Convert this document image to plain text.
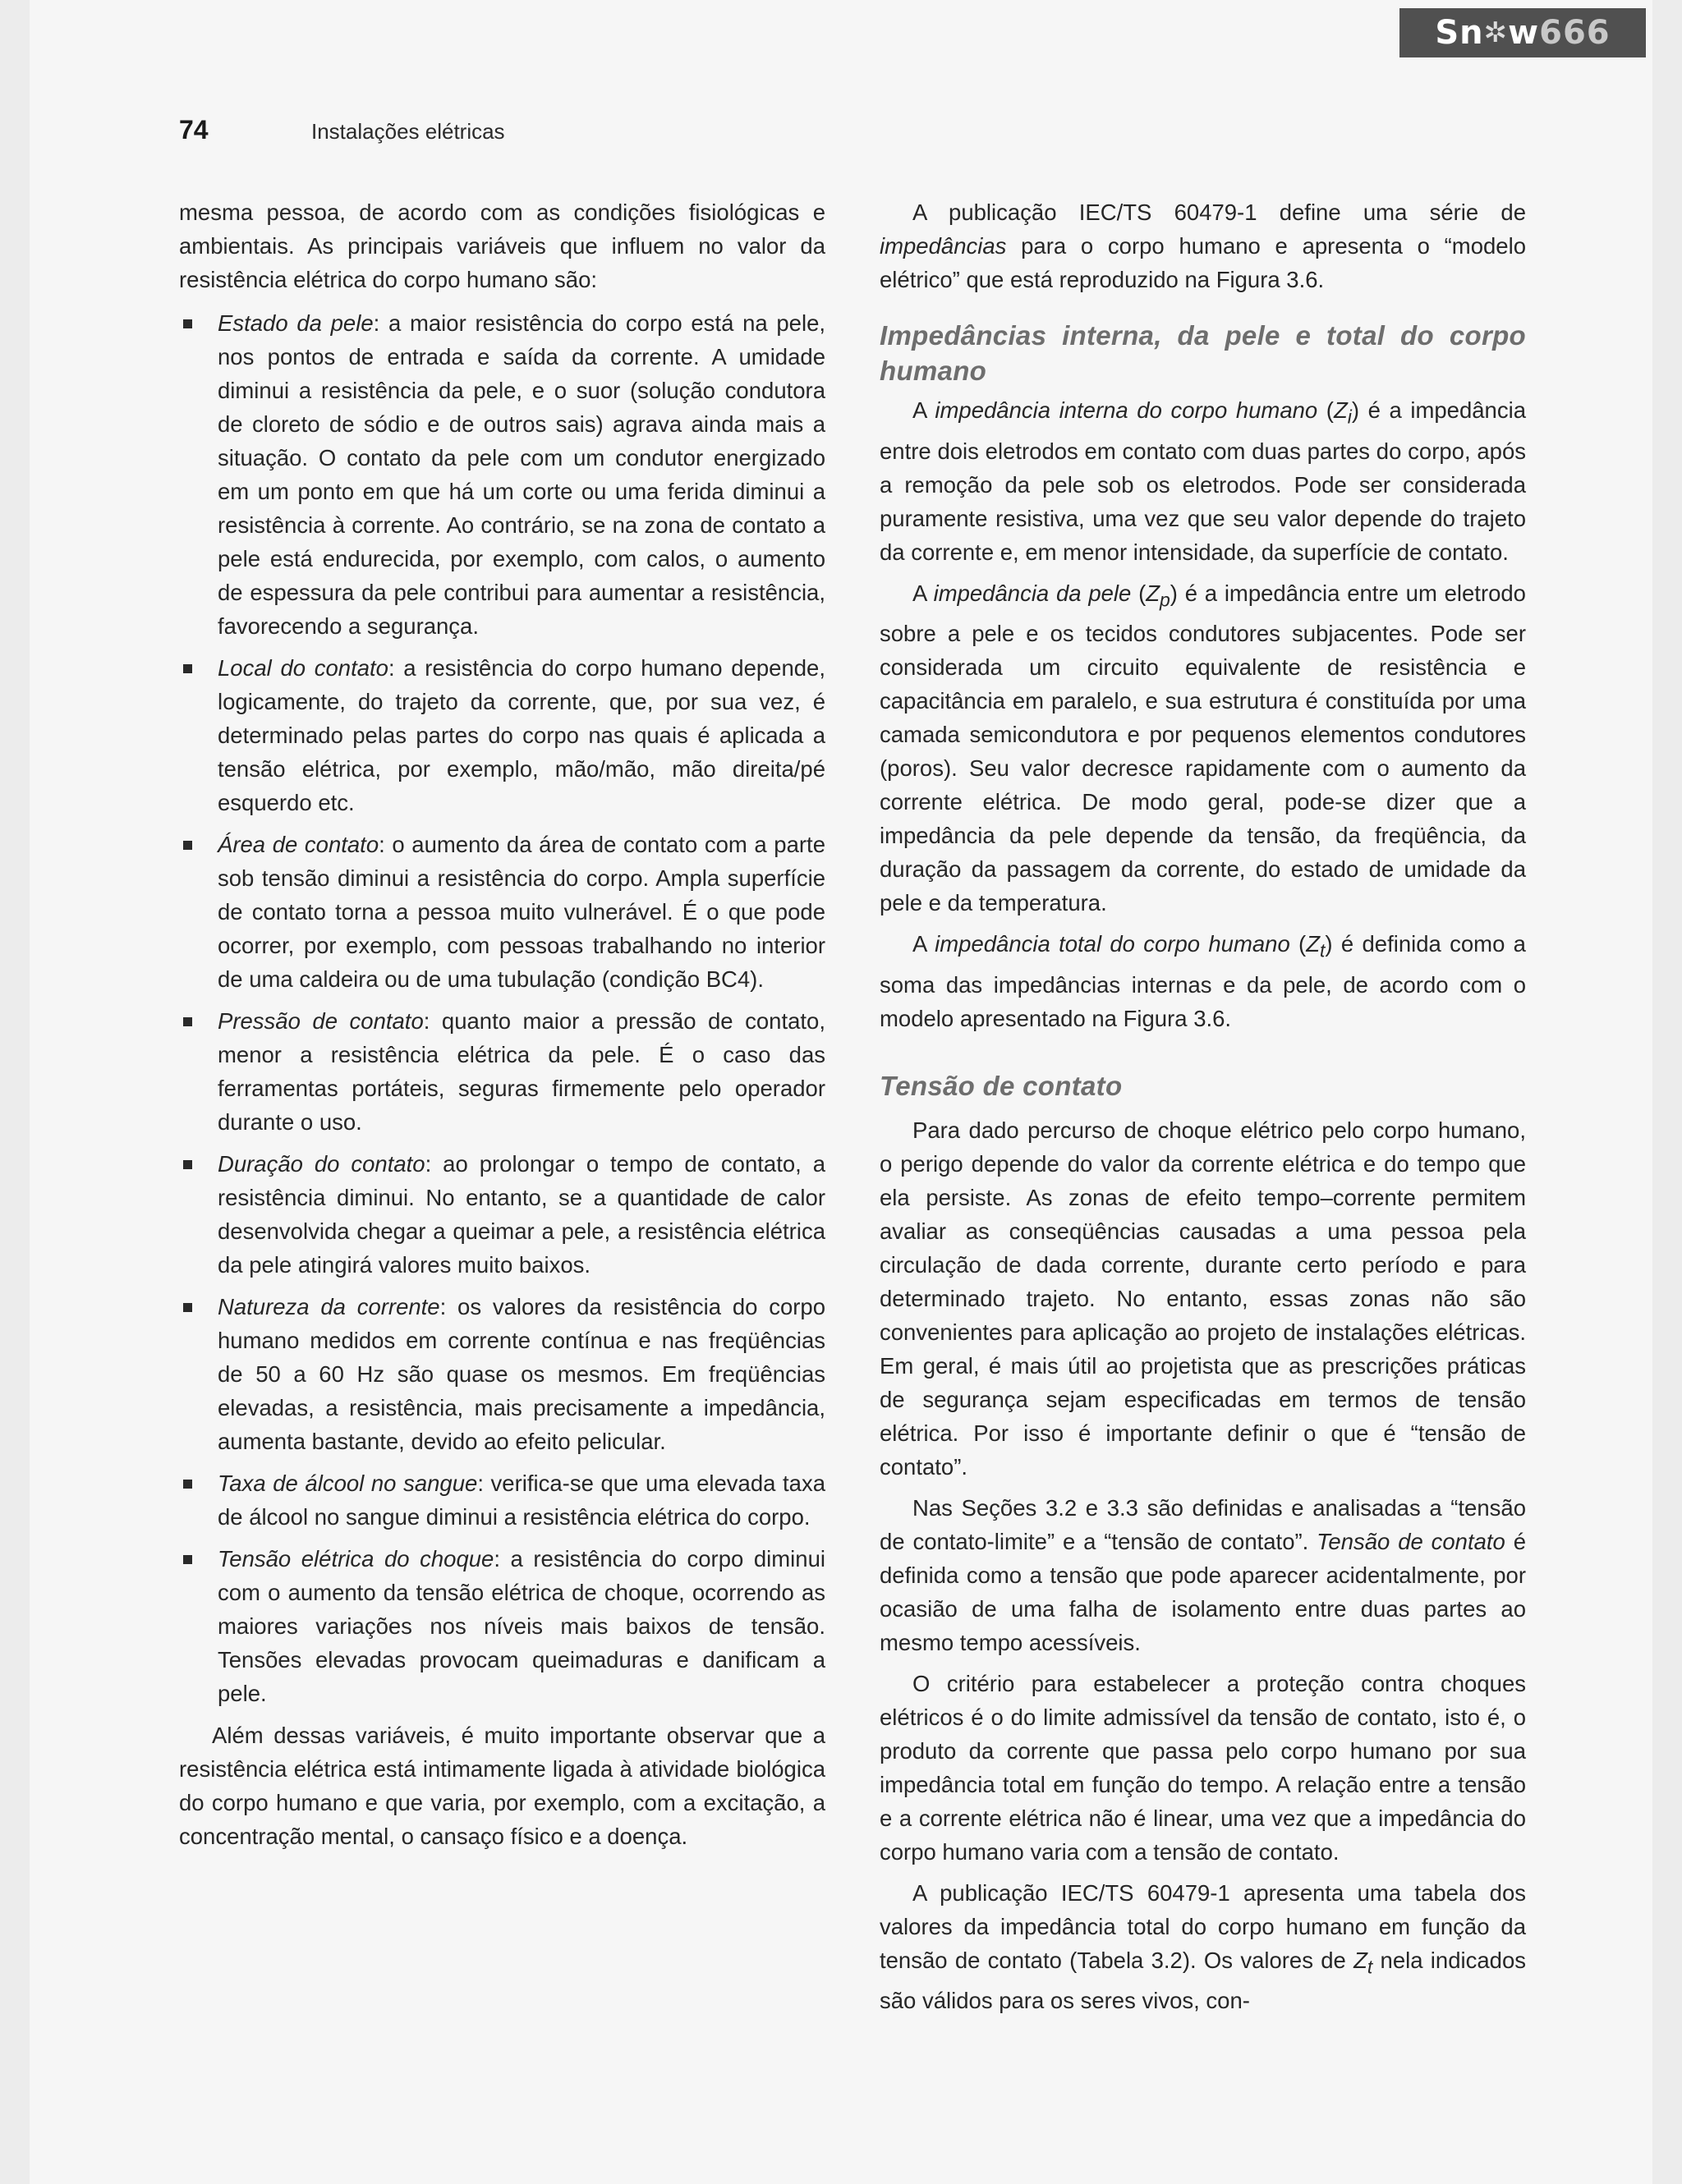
Sn ✲ w 666
74	Instalações elétricas

mesma pessoa, de acordo com as condições fisiológicas e ambientais. As principais variáveis que influem no valor da resistência elétrica do corpo humano são:

Estado da pele: a maior resistência do corpo está na pele, nos pontos de entrada e saída da corrente. A umidade diminui a resistência da pele, e o suor (solução condutora de cloreto de sódio e de outros sais) agrava ainda mais a situação. O contato da pele com um condutor energizado em um ponto em que há um corte ou uma ferida diminui a resistência à corrente. Ao contrário, se na zona de contato a pele está endurecida, por exemplo, com calos, o aumento de espessura da pele contribui para aumentar a resistência, favorecendo a segurança.
Local do contato: a resistência do corpo humano depende, logicamente, do trajeto da corrente, que, por sua vez, é determinado pelas partes do corpo nas quais é aplicada a tensão elétrica, por exemplo, mão/mão, mão direita/pé esquerdo etc.
Área de contato: o aumento da área de contato com a parte sob tensão diminui a resistência do corpo. Ampla superfície de contato torna a pessoa muito vulnerável. É o que pode ocorrer, por exemplo, com pessoas trabalhando no interior de uma caldeira ou de uma tubulação (condição BC4).
Pressão de contato: quanto maior a pressão de contato, menor a resistência elétrica da pele. É o caso das ferramentas portáteis, seguras firmemente pelo operador durante o uso.
Duração do contato: ao prolongar o tempo de contato, a resistência diminui. No entanto, se a quantidade de calor desenvolvida chegar a queimar a pele, a resistência elétrica da pele atingirá valores muito baixos.
Natureza da corrente: os valores da resistência do corpo humano medidos em corrente contínua e nas freqüências de 50 a 60 Hz são quase os mesmos. Em freqüências elevadas, a resistência, mais precisamente a impedância, aumenta bastante, devido ao efeito pelicular.
Taxa de álcool no sangue: verifica-se que uma elevada taxa de álcool no sangue diminui a resistência elétrica do corpo.
Tensão elétrica do choque: a resistência do corpo diminui com o aumento da tensão elétrica de choque, ocorrendo as maiores variações nos níveis mais baixos de tensão. Tensões elevadas provocam queimaduras e danificam a pele.

Além dessas variáveis, é muito importante observar que a resistência elétrica está intimamente ligada à atividade biológica do corpo humano e que varia, por exemplo, com a excitação, a concentração mental, o cansaço físico e a doença.

A publicação IEC/TS 60479-1 define uma série de impedâncias para o corpo humano e apresenta o “modelo elétrico” que está reproduzido na Figura 3.6.

Impedâncias interna, da pele e total do corpo humano

A impedância interna do corpo humano $(Z_i)$ é a impedância entre dois eletrodos em contato com duas partes do corpo, após a remoção da pele sob os eletrodos. Pode ser considerada puramente resistiva, uma vez que seu valor depende do trajeto da corrente e, em menor intensidade, da superfície de contato.

A impedância da pele $(Z_p)$ é a impedância entre um eletrodo sobre a pele e os tecidos condutores subjacentes. Pode ser considerada um circuito equivalente de resistência e capacitância em paralelo, e sua estrutura é constituída por uma camada semicondutora e por pequenos elementos condutores (poros). Seu valor decresce rapidamente com o aumento da corrente elétrica. De modo geral, pode-se dizer que a impedância da pele depende da tensão, da freqüência, da duração da passagem da corrente, do estado de umidade da pele e da temperatura.

A impedância total do corpo humano $(Z_t)$ é definida como a soma das impedâncias internas e da pele, de acordo com o modelo apresentado na Figura 3.6.

Tensão de contato

Para dado percurso de choque elétrico pelo corpo humano, o perigo depende do valor da corrente elétrica e do tempo que ela persiste. As zonas de efeito tempo–corrente permitem avaliar as conseqüências causadas a uma pessoa pela circulação de dada corrente, durante certo período e para determinado trajeto. No entanto, essas zonas não são convenientes para aplicação ao projeto de instalações elétricas. Em geral, é mais útil ao projetista que as prescrições práticas de segurança sejam especificadas em termos de tensão elétrica. Por isso é importante definir o que é “tensão de contato”.

Nas Seções 3.2 e 3.3 são definidas e analisadas a “tensão de contato-limite” e a “tensão de contato”. Tensão de contato é definida como a tensão que pode aparecer acidentalmente, por ocasião de uma falha de isolamento entre duas partes ao mesmo tempo acessíveis.

O critério para estabelecer a proteção contra choques elétricos é o do limite admissível da tensão de contato, isto é, o produto da corrente que passa pelo corpo humano por sua impedância total em função do tempo. A relação entre a tensão e a corrente elétrica não é linear, uma vez que a impedância do corpo humano varia com a tensão de contato.

A publicação IEC/TS 60479-1 apresenta uma tabela dos valores da impedância total do corpo humano em função da tensão de contato (Tabela 3.2). Os valores de $Z_t$ nela indicados são válidos para os seres vivos, con-
